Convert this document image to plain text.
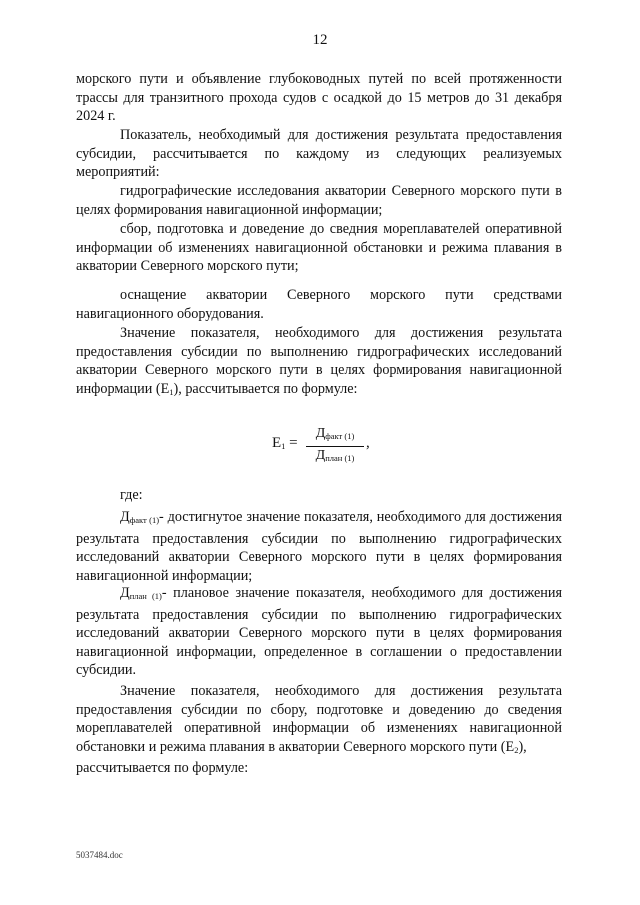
12

морского пути и объявление глубоководных путей по всей протяженности трассы для транзитного прохода судов с осадкой до 15 метров до 31 декабря 2024 г.

Показатель, необходимый для достижения результата предоставления субсидии, рассчитывается по каждому из следующих реализуемых мероприятий:

гидрографические исследования акватории Северного морского пути в целях формирования навигационной информации;

сбор, подготовка и доведение до сведния мореплавателей оперативной информации об изменениях навигационной обстановки и режима плавания в акватории Северного морского пути;

оснащение акватории Северного морского пути средствами навигационного оборудования.

Значение показателя, необходимого для достижения результата предоставления субсидии по выполнению гидрографических исследований акватории Северного морского пути в целях формирования навигационной информации $(E_1)$, рассчитывается по формуле:

$E_1$ =
$Д_{факт (1)}$
$Д_{план (1)}$
,

где:

$Д_{факт (1)}-$ достигнутое значение показателя, необходимого для достижения результата предоставления субсидии по выполнению гидрографических исследований акватории Северного морского пути в целях формирования навигационной информации;

$Д_{план (1)}-$ плановое значение показателя, необходимого для достижения результата предоставления субсидии по выполнению гидрографических исследований акватории Северного морского пути в целях формирования навигационной информации, определенное в соглашении о предоставлении субсидии.

Значение показателя, необходимого для достижения результата предоставления субсидии по сбору, подготовке и доведению до сведения мореплавателей оперативной информации об изменениях навигационной обстановки и режима плавания в акватории Северного морского пути $(E_2)$,
рассчитывается по формуле:

5037484.doc
